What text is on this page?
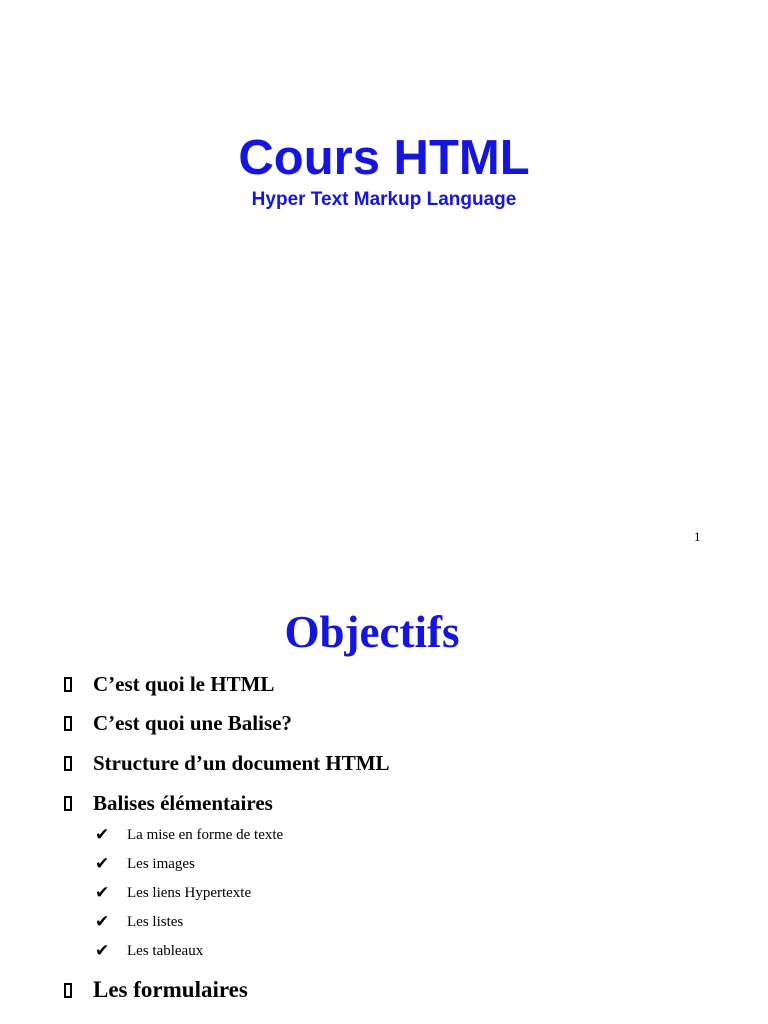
Cours HTML
Hyper Text Markup Language
1
Objectifs
C’est quoi le HTML
C’est quoi une Balise?
Structure d’un document HTML
Balises élémentaires
✔	La mise en forme de texte
✔	Les images
✔	Les liens Hypertexte
✔	Les listes
✔	Les tableaux
Les formulaires
